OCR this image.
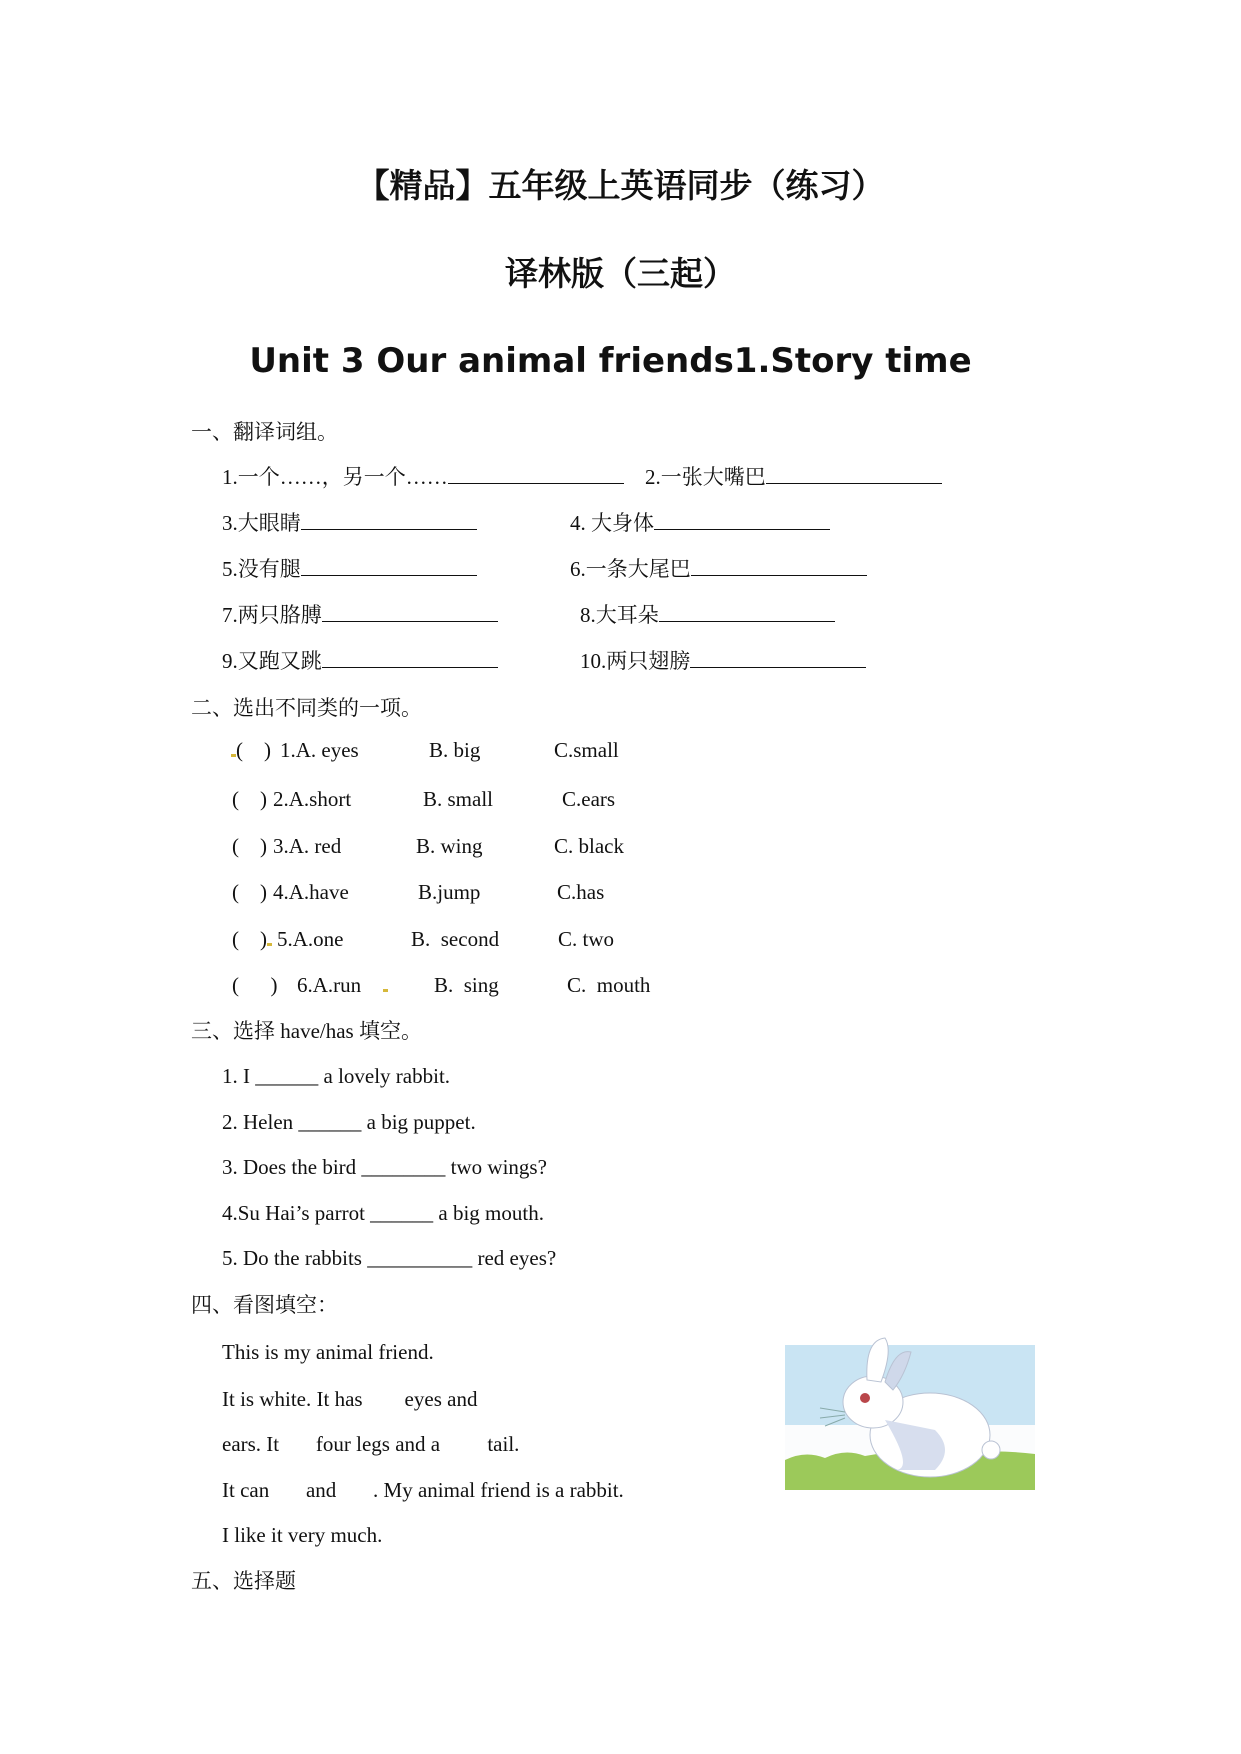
【精品】五年级上英语同步（练习）
译林版（三起）
Unit 3 Our animal friends1.Story time
一、翻译词组。
1.一个……，另一个……	2.一张大嘴巴
3.大眼睛	4. 大身体
5.没有腿	6.一条大尾巴
7.两只胳膊	8.大耳朵
9.又跑又跳	10.两只翅膀
二、选出不同类的一项。
(    ) 1.A. eyes	B. big	C.small
(    ) 2.A.short	B. small	C.ears
(    ) 3.A. red	B. wing	C. black
(    ) 4.A.have	B.jump	C.has
(    ) 5.A.one	B.  second	C. two
(      ) 6.A.run	B.  sing	C.  mouth
三、选择 have/has 填空。
1. I ______ a lovely rabbit.
2. Helen ______ a big puppet.
3. Does the bird ________ two wings?
4.Su Hai’s parrot ______ a big mouth.
5. Do the rabbits __________ red eyes?
四、看图填空：
This is my animal friend.
It is white. It has        eyes and
ears. It       four legs and a         tail.
It can       and       . My animal friend is a rabbit.
I like it very much.
五、选择题
